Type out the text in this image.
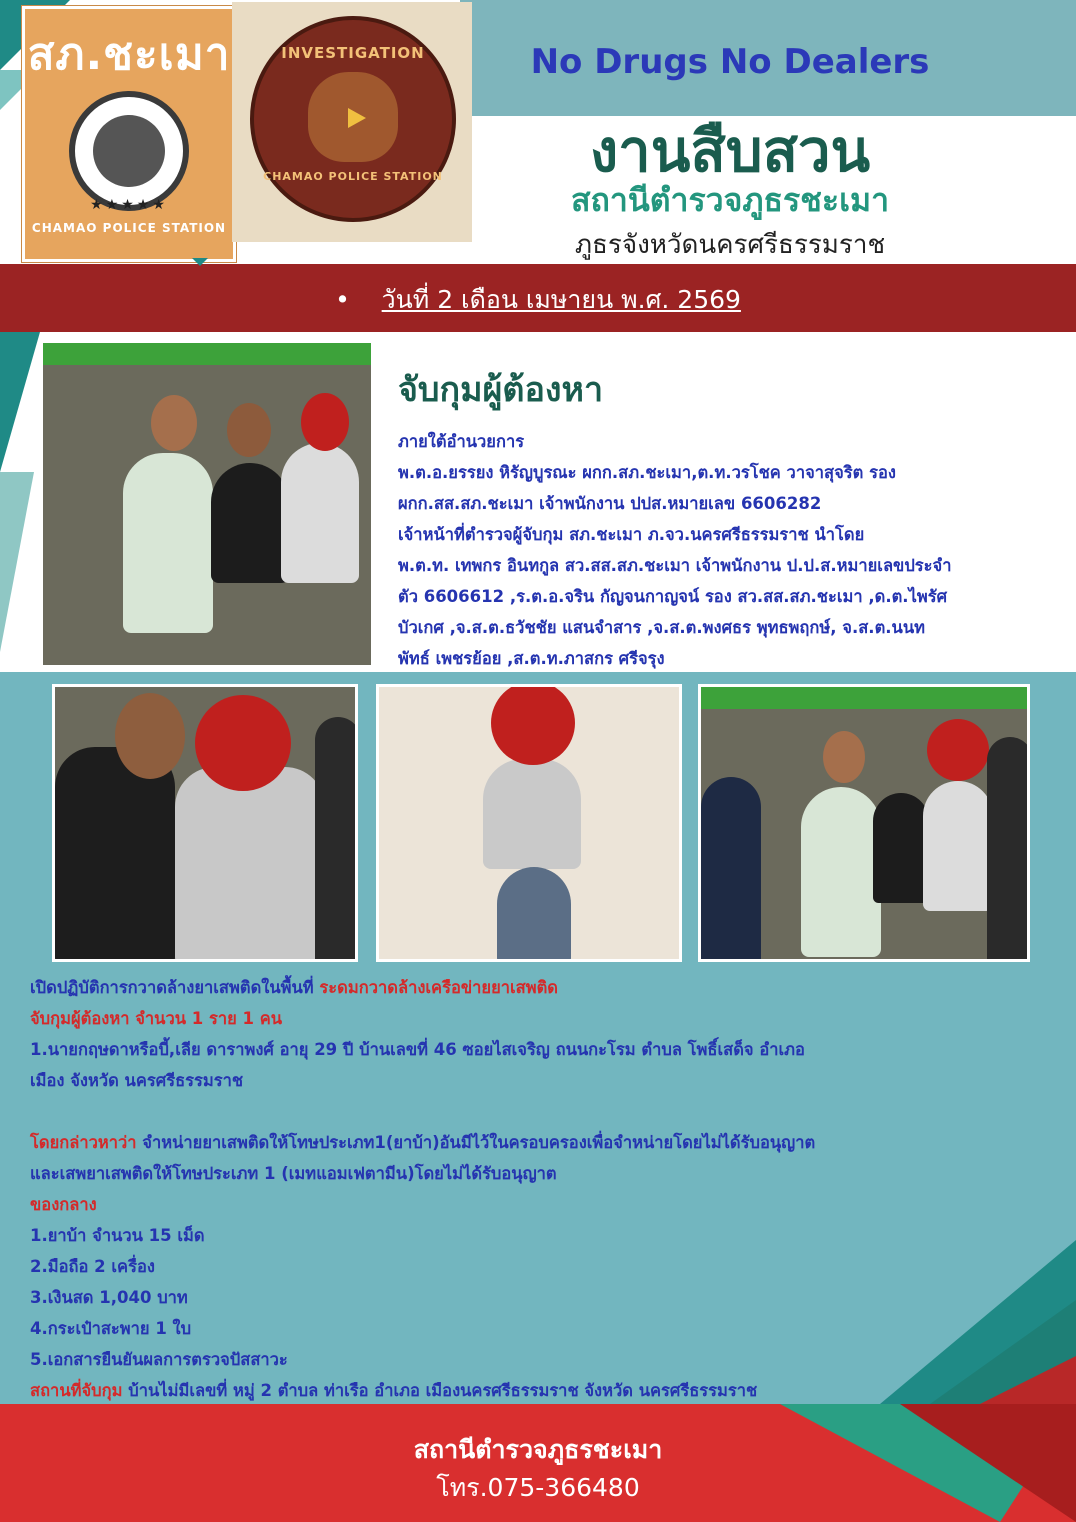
สภ.ชะเมา
★★★★★
CHAMAO POLICE STATION
INVESTIGATION
CHAMAO POLICE STATION
No Drugs No Dealers
งานสืบสวน
สถานีตำรวจภูธรชะเมา
ภูธรจังหวัดนครศรีธรรมราช
• วันที่ 2 เดือน เมษายน พ.ศ. 2569
จับกุมผู้ต้องหา

ภายใต้อำนวยการ

พ.ต.อ.ยรรยง หิรัญบูรณะ ผกก.สภ.ชะเมา,ต.ท.วรโชค วาจาสุจริต รอง

ผกก.สส.สภ.ชะเมา เจ้าพนักงาน ปปส.หมายเลข 6606282

เจ้าหน้าที่ตำรวจผู้จับกุม สภ.ชะเมา ภ.จว.นครศรีธรรมราช นำโดย

พ.ต.ท. เทพกร อินทกูล สว.สส.สภ.ชะเมา เจ้าพนักงาน ป.ป.ส.หมายเลขประจำ

ตัว 6606612 ,ร.ต.อ.จริน กัญจนกาญจน์ รอง สว.สส.สภ.ชะเมา ,ด.ต.ไพรัศ

บัวเกศ ,จ.ส.ต.ธวัชชัย แสนจำสาร ,จ.ส.ต.พงศธร พุทธพฤกษ์, จ.ส.ต.นนท

พัทธ์ เพชรย้อย ,ส.ต.ท.ภาสกร ศรีจรุง

เปิดปฏิบัติการกวาดล้างยาเสพติดในพื้นที่ ระดมกวาดล้างเครือข่ายยาเสพติด

จับกุมผู้ต้องหา จำนวน 1 ราย 1 คน

1.นายกฤษดาหรือบี้,เลีย ดาราพงศ์ อายุ 29 ปี บ้านเลขที่ 46 ซอยไสเจริญ ถนนกะโรม ตำบล โพธิ์เสด็จ อำเภอ

เมือง จังหวัด นครศรีธรรมราช

โดยกล่าวหาว่า จำหน่ายยาเสพติดให้โทษประเภท1(ยาบ้า)อันมีไว้ในครอบครองเพื่อจำหน่ายโดยไม่ได้รับอนุญาต

และเสพยาเสพติดให้โทษประเภท 1 (เมทแอมเฟตามีน)โดยไม่ได้รับอนุญาต

ของกลาง

1.ยาบ้า จำนวน 15 เม็ด

2.มือถือ 2 เครื่อง

3.เงินสด 1,040 บาท

4.กระเป๋าสะพาย 1 ใบ

5.เอกสารยืนยันผลการตรวจปัสสาวะ

สถานที่จับกุม บ้านไม่มีเลขที่ หมู่ 2 ตำบล ท่าเรือ อำเภอ เมืองนครศรีธรรมราช จังหวัด นครศรีธรรมราช

สถานีตำรวจภูธรชะเมา
โทร.075-366480
